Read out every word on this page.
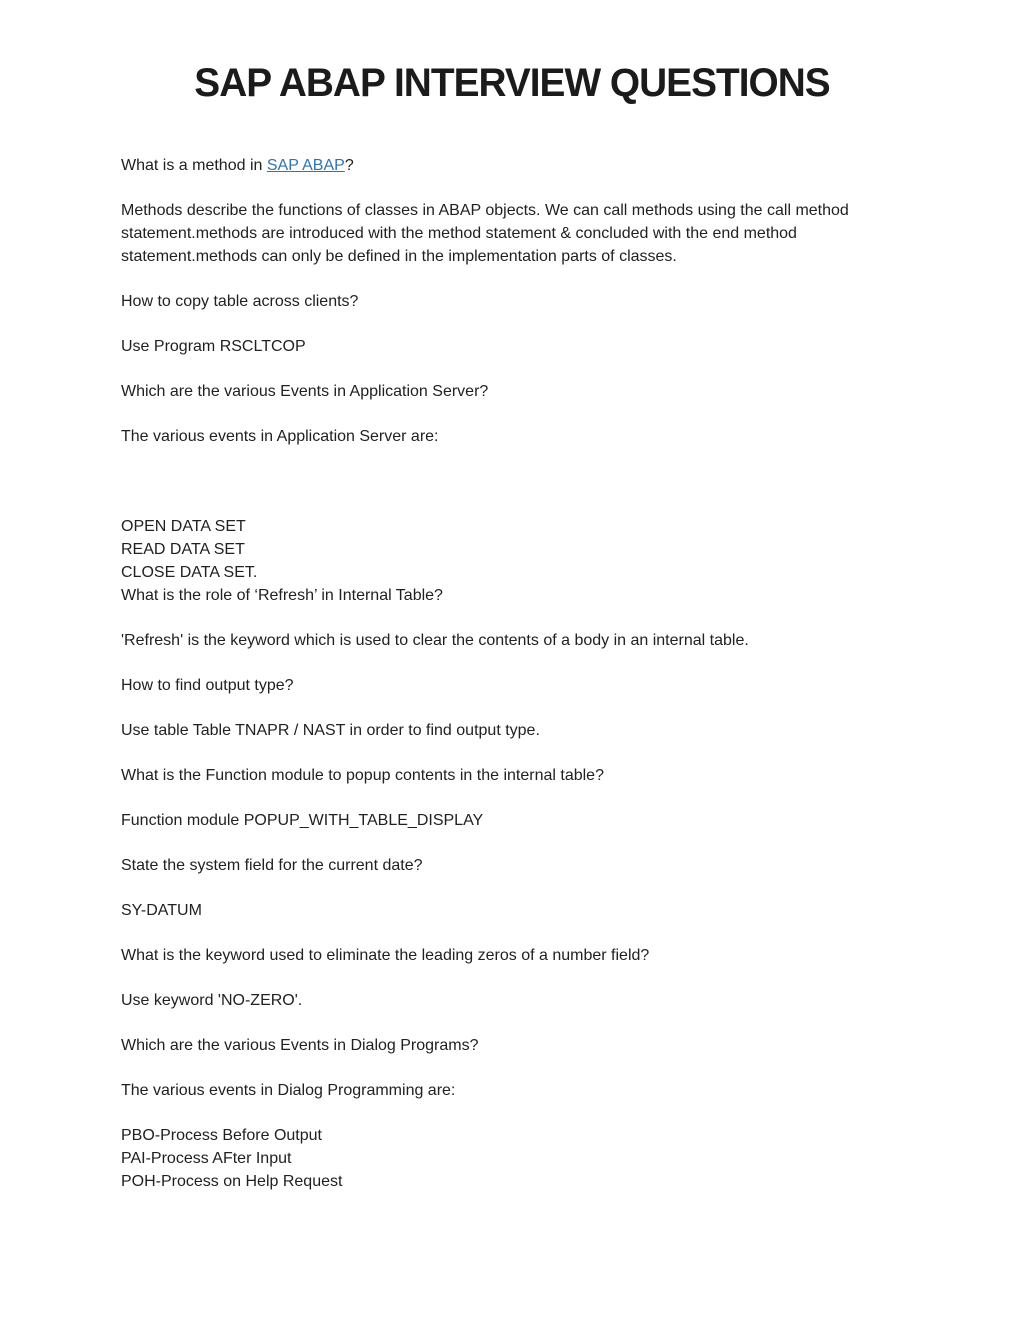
SAP ABAP INTERVIEW QUESTIONS

What is a method in SAP ABAP?

Methods describe the functions of classes in ABAP objects. We can call methods using the call method
statement.methods are introduced with the method statement & concluded with the end method
statement.methods can only be defined in the implementation parts of classes.

How to copy table across clients?

Use Program RSCLTCOP

Which are the various Events in Application Server?

The various events in Application Server are:

OPEN DATA SET
READ DATA SET
CLOSE DATA SET.
What is the role of ‘Refresh’ in Internal Table?

'Refresh' is the keyword which is used to clear the contents of a body in an internal table.

How to find output type?

Use table Table TNAPR / NAST in order to find output type.

What is the Function module to popup contents in the internal table?

Function module POPUP_WITH_TABLE_DISPLAY

State the system field for the current date?

SY-DATUM

What is the keyword used to eliminate the leading zeros of a number field?

Use keyword 'NO-ZERO'.

Which are the various Events in Dialog Programs?

The various events in Dialog Programming are:

PBO-Process Before Output
PAI-Process AFter Input
POH-Process on Help Request
